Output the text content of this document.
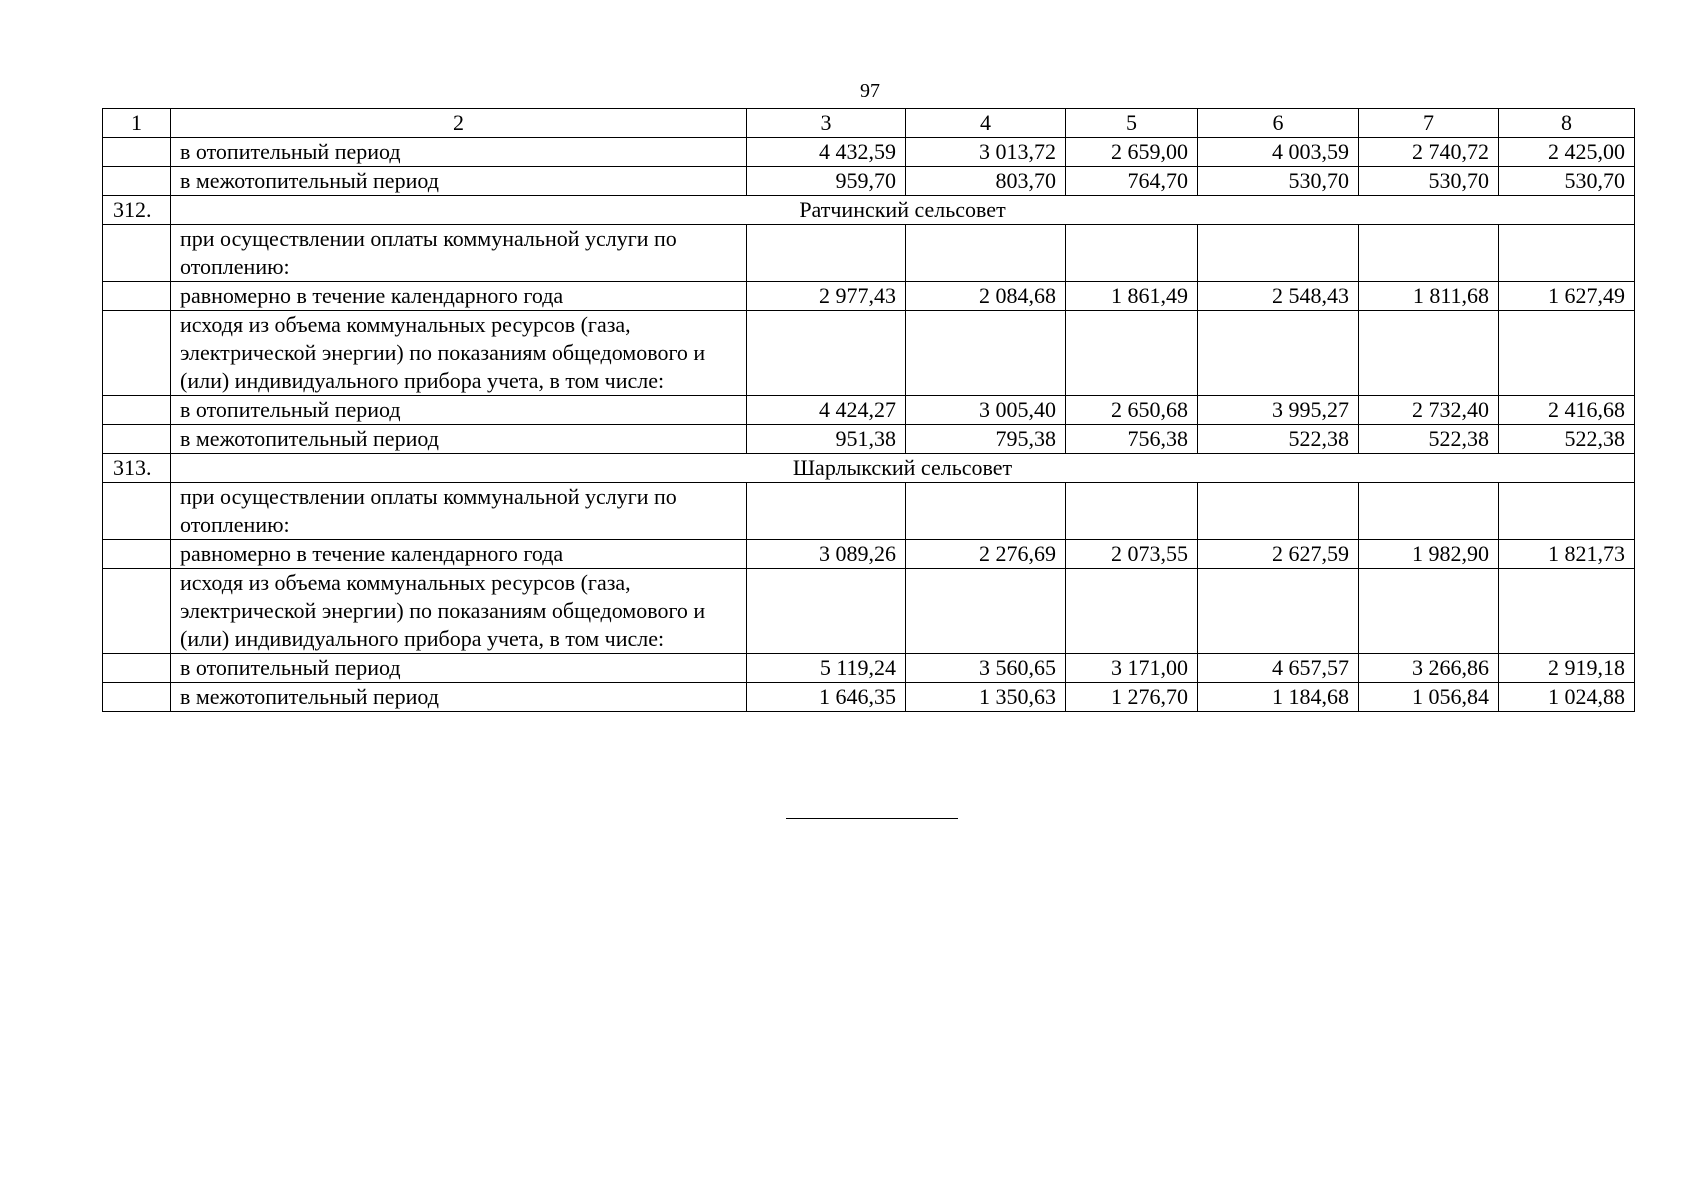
97
1	2	3	4	5	6	7	8
	в отопительный период	4 432,59	3 013,72	2 659,00	4 003,59	2 740,72	2 425,00
	в межотопительный период	959,70	803,70	764,70	530,70	530,70	530,70
312.	Ратчинский сельсовет						
	при осуществлении оплаты коммунальной услуги по отоплению:						
	равномерно в течение календарного года	2 977,43	2 084,68	1 861,49	2 548,43	1 811,68	1 627,49
	исходя из объема коммунальных ресурсов (газа, электрической энергии) по показаниям общедомового и (или) индивидуального прибора учета, в том числе:						
	в отопительный период	4 424,27	3 005,40	2 650,68	3 995,27	2 732,40	2 416,68
	в межотопительный период	951,38	795,38	756,38	522,38	522,38	522,38
313.	Шарлыкский сельсовет						
	при осуществлении оплаты коммунальной услуги по отоплению:						
	равномерно в течение календарного года	3 089,26	2 276,69	2 073,55	2 627,59	1 982,90	1 821,73
	исходя из объема коммунальных ресурсов (газа, электрической энергии) по показаниям общедомового и (или) индивидуального прибора учета, в том числе:						
	в отопительный период	5 119,24	3 560,65	3 171,00	4 657,57	3 266,86	2 919,18
	в межотопительный период	1 646,35	1 350,63	1 276,70	1 184,68	1 056,84	1 024,88
